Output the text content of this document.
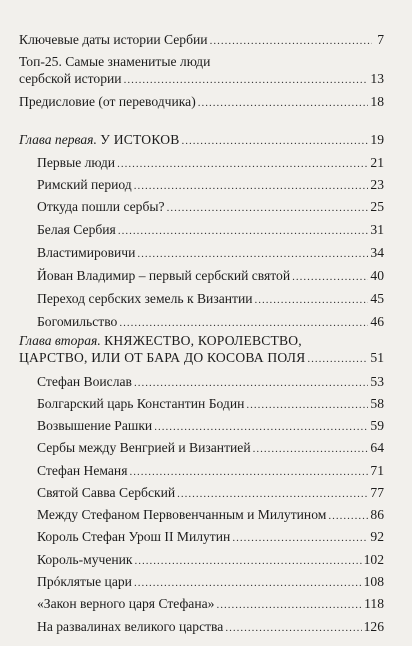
Ключевые даты истории Сербии .....	7
Топ-25. Самые знаменитые люди
сербской истории .....	13
Предисловие (от переводчика) .....	18
Глава первая. У ИСТОКОВ .....	19
Первые люди .....	21
Римский период .....	23
Откуда пошли сербы? .....	25
Белая Сербия .....	31
Властимировичи .....	34
Йован Владимир – первый сербский святой .....	40
Переход сербских земель к Византии .....	45
Богомильство .....	46
Глава вторая. КНЯЖЕСТВО, КОРОЛЕВСТВО,
ЦАРСТВО, ИЛИ ОТ БАРА ДО КОСОВА ПОЛЯ .....	51
Стефан Воислав .....	53
Болгарский царь Константин Бодин .....	58
Возвышение Рашки .....	59
Сербы между Венгрией и Византией .....	64
Стефан Неманя .....	71
Святой Савва Сербский .....	77
Между Стефаном Первовенчанным и Милутином .....	86
Король Стефан Урош II Милутин .....	92
Король-мученик .....	102
Прóклятые цари .....	108
«Закон верного царя Стефана» .....	118
На развалинах великого царства .....	126
